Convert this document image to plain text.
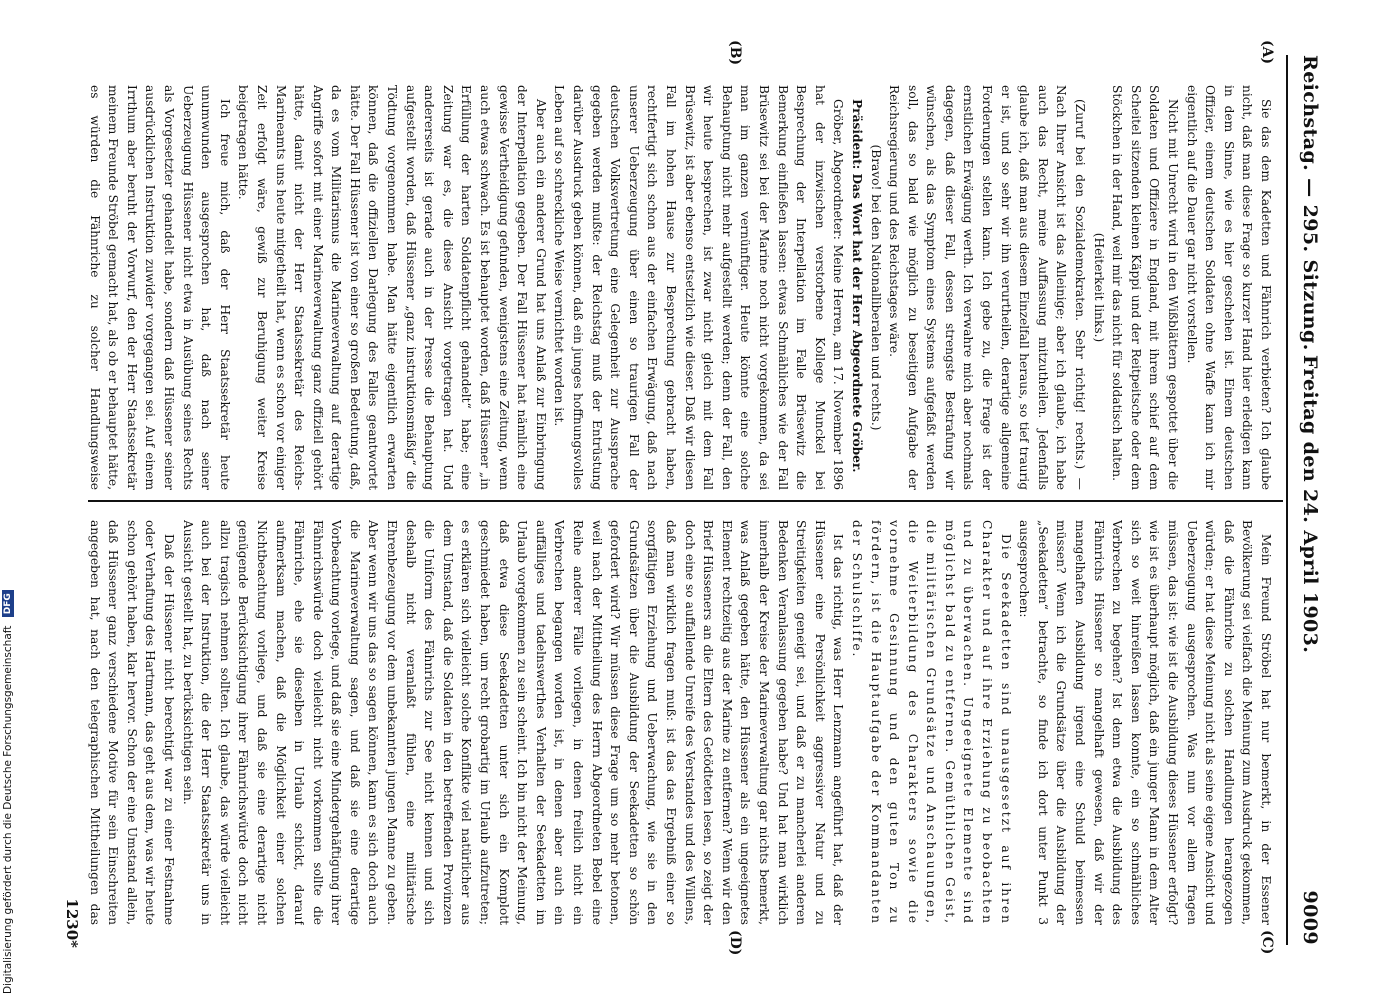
Reichstag. — 295. Sitzung.
Freitag den 24. April 1903.
9009
(A)
(B)
(C)
(D)

Sie das dem Kadetten und Fähnrich verbieten? Ich glaube nicht, daß man diese Frage so kurzer Hand hier erledigen kann in dem Sinne, wie es hier geschehen ist. Einem deutschen Offizier, einem deutschen Soldaten ohne Waffe kann ich mir eigentlich auf die Dauer gar nicht vorstellen.

Nicht mit Unrecht wird in den Wißblättern gespottet über die Soldaten und Offiziere in England, mit ihrem schief auf dem Scheitel sitzenden kleinen Käppi und der Reitpeitsche oder dem Stöckchen in der Hand, weil mir das nicht für soldatisch halten.

(Heiterkeit links.)

(Zuruf bei den Sozialdemokraten. Sehr richtig! rechts.) — Nach Ihrer Ansicht ist das Alleinige; aber ich glaube, ich habe auch das Recht, meine Auffassung mitzutheilen. Jedenfalls glaube ich, daß man aus diesem Einzelfall heraus, so tief traurig er ist, und so sehr wir ihn verurtheilen, derartige allgemeine Forderungen stellen kann. Ich gebe zu, die Frage ist der ernstlichen Erwägung werth. Ich verwahre mich aber nochmals dagegen, daß dieser Fall, dessen strengste Bestrafung wir wünschen, als das Symptom eines Systems aufgefaßt werden soll, das so bald wie möglich zu beseitigen Aufgabe der Reichsregierung und des Reichstages wäre.

(Bravo! bei den Nationalliberalen und rechts.)

Präsident: Das Wort hat der Herr Abgeordnete Gröber.

Gröber, Abgeordneter: Meine Herren, am 17. November 1896 hat der inzwischen verstorbene Kollege Munckel bei Besprechung der Interpellation im Falle Brüsewitz die Bemerkung einfließen lassen: etwas Schmähliches wie der Fall Brüsewitz sei bei der Marine noch nicht vorgekommen, da sei man im ganzen vernünftiger. Heute könnte eine solche Behauptung nicht mehr aufgestellt werden; denn der Fall, den wir heute besprechen, ist zwar nicht gleich mit dem Fall Brüsewitz, ist aber ebenso entsetzlich wie dieser. Daß wir diesen Fall im hohen Hause zur Besprechung gebracht haben, rechtfertigt sich schon aus der einfachen Erwägung, daß nach unserer Ueberzeugung über einen so traurigen Fall der deutschen Volksvertretung eine Gelegenheit zur Aussprache gegeben werden mußte: der Reichstag muß der Entrüstung darüber Ausdruck geben können, daß ein junges hoffnungsvolles Leben auf so schreckliche Weise vernichtet worden ist.

Aber auch ein anderer Grund hat uns Anlaß zur Einbringung der Interpellation gegeben. Der Fall Hüssener hat nämlich eine gewisse Vertheidigung gefunden, wenigstens eine Zeitung, wenn auch etwas schwach. Es ist behauptet worden, daß Hüssener „in Erfüllung der harten Soldatenpflicht gehandelt“ habe; eine Zeitung war es, die diese Ansicht vorgetragen hat. Und andererseits ist gerade auch in der Presse die Behauptung aufgestellt worden, daß Hüssener „ganz instruktionsmäßig“ die Tödtung vorgenommen habe. Man hätte eigentlich erwarten können, daß die offiziellen Darlegung des Falles geantwortet hätte. Der Fall Hüssener ist von einer so großen Bedeutung, daß, da es vom Militarismus die Marineverwaltung auf derartige Angriffe sofort mit einer Marineverwaltung ganz offiziell gehört hätte, damit nicht der Herr Staatssekretär des Reichs-Marineamts uns heute mitgetheilt hat, wenn es schon vor einiger Zeit erfolgt wäre, gewiß zur Beruhigung weiter Kreise beigetragen hätte.

Ich freue mich, daß der Herr Staatssekretär heute unumwunden ausgesprochen hat, daß nach seiner Ueberzeugung Hüssener nicht etwa in Ausübung seines Rechts als Vorgesetzter gehandelt habe, sondern daß Hüssener seiner ausdrücklichen Instruktion zuwider vorgegangen sei. Auf einem Irrthum aber beruht der Vorwurf, den der Herr Staatssekretär meinem Freunde Ströbel gemacht hat, als ob er behauptet hätte, es würden die Fähnriche zu solcher Handlungsweise

Mein Freund Ströbel hat nur bemerkt, in der Essener Bevölkerung sei vielfach die Meinung zum Ausdruck gekommen, daß die Fähnriche zu solchen Handlungen herangezogen würden; er hat diese Meinung nicht als seine eigene Ansicht und Ueberzeugung ausgesprochen. Was nun vor allem fragen müssen, das ist: wie ist die Ausbildung dieses Hüssener erfolgt? wie ist es überhaupt möglich, daß ein junger Mann in dem Alter sich so weit hinreißen lassen konnte, ein so schmähliches Verbrechen zu begehen? Ist denn etwa die Ausbildung des Fähnrichs Hüssener so mangelhaft gewesen, daß wir der mangelhaften Ausbildung irgend eine Schuld beimessen müssen? Wenn ich die Grundsätze über die Ausbildung der „Seekadetten“ betrachte, so finde ich dort unter Punkt 3 ausgesprochen:

Die Seekadetten sind unausgesetzt auf ihren Charakter und auf ihre Erziehung zu beobachten und zu überwachen. Ungeeignete Elemente sind möglichst bald zu entfernen. Gemüthlichen Geist, die militärischen Grundsätze und Anschauungen, die Weiterbildung des Charakters sowie die vornehme Gesinnung und den guten Ton zu fördern, ist die Hauptaufgabe der Kommandanten der Schulschiffe.

Ist das richtig, was Herr Lenzmann angeführt hat, daß der Hüssener eine Persönlichkeit aggressiver Natur und zu Streitigkeiten geneigt sei, und daß er zu mancherlei anderen Bedenken Veranlassung gegeben habe? Und hat man wirklich innerhalb der Kreise der Marineverwaltung gar nichts bemerkt, was Anlaß gegeben hätte, den Hüssener als ein ungeeignetes Element rechtzeitig aus der Marine zu entfernen? Wenn wir den Brief Hüsseners an die Eltern des Getödteten lesen, so zeigt der doch eine so auffallende Unreife des Verstandes und des Willens, daß man wirklich fragen muß: ist das das Ergebniß einer so sorgfältigen Erziehung und Ueberwachung, wie sie in den Grundsätzen über die Ausbildung der Seekadetten so schön gefordert wird? Wir müssen diese Frage um so mehr betonen, weil nach der Mittheilung des Herrn Abgeordneten Bebel eine Reihe anderer Fälle vorliegen, in denen freilich nicht ein Verbrechen begangen worden ist, in denen aber auch ein auffälliges und tadelnswerthes Verhalten der Seekadetten im Urlaub vorgekommen zu sein scheint. Ich bin nicht der Meinung, daß etwa diese Seekadetten unter sich ein Komplott geschmiedet haben, um recht grobartig im Urlaub aufzutreten; es erklären sich vielleicht solche Konflikte viel natürlicher aus dem Umstand, daß die Soldaten in den betreffenden Provinzen die Uniform des Fähnrichs zur See nicht kennen und sich deshalb nicht veranlaßt fühlen, eine militärische Ehrenbezeugung vor dem unbekannten jungen Manne zu geben. Aber wenn wir uns das so sagen können, kann es sich doch auch die Marineverwaltung sagen, und daß sie eine derartige Vorbeachtung vorlege, und daß sie eine Mindergehäftigung ihrer Fähnrichswürde doch vielleicht nicht vorkommen sollte die Fähnriche, ehe sie dieselben in Urlaub schickt, darauf aufmerksam machen, daß die Möglichkeit einer solchen Nichtbeachtung vorliege, und daß sie eine derartige nicht genügende Berücksichtigung ihrer Fähnrichswürde doch nicht allzu tragisch nehmen sollten. Ich glaube, das würde vielleicht auch bei der Instruktion, die der Herr Staatssekretär uns in Aussicht gestellt hat, zu berücksichtigen sein.

Daß der Hüssener nicht berechtigt war zu einer Festnahme oder Verhaftung des Hartmann, das geht aus dem, was wir heute schon gehört haben, klar hervor. Schon der eine Umstand allein, daß Hüssener ganz verschiedene Motive für sein Einschreiten angegeben hat, nach den telegraphischen Mittheilungen das

1230*
Digitalisierung gefördert durch die Deutsche Forschungsgemeinschaft DFG
